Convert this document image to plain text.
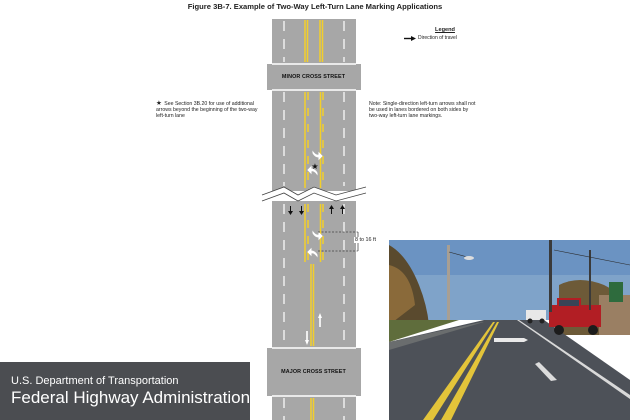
Figure 3B-7. Example of Two-Way Left-Turn Lane Marking Applications
Legend
Direction of travel
★ See Section 3B.20 for use of additional arrows beyond the beginning of the two-way left-turn lane
Note: Single-direction left-turn arrows shall not be used in lanes bordered on both sides by two-way left-turn lane markings.
★
MINOR CROSS STREET
MAJOR CROSS STREET
8 to 16 ft
U.S. Department of Transportation
Federal Highway Administration
